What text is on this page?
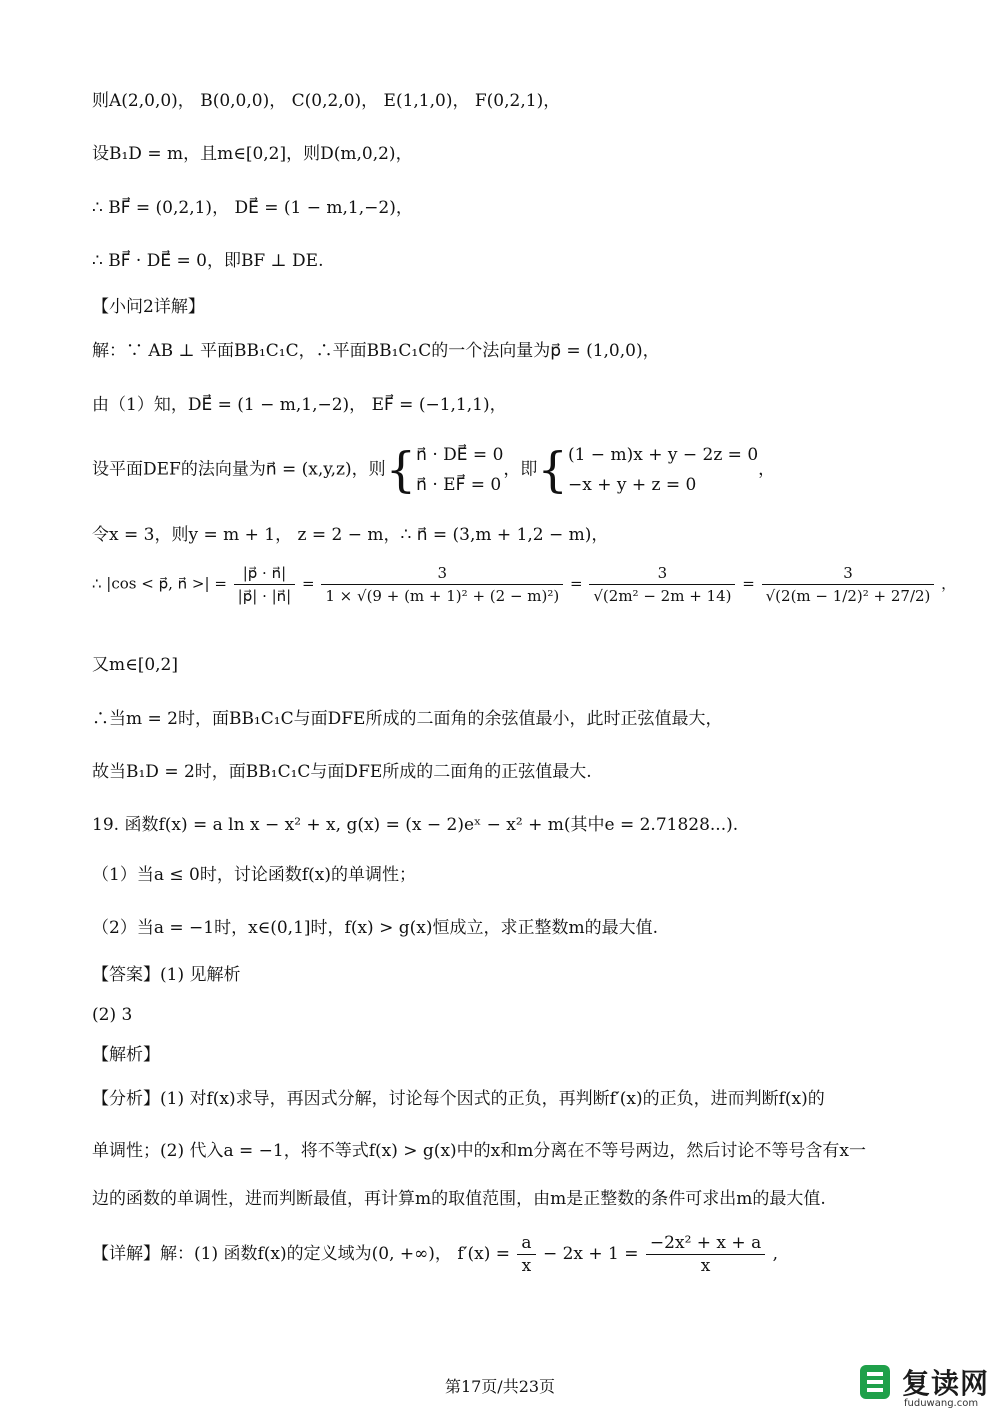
则A(2,0,0)， B(0,0,0)， C(0,2,0)， E(1,1,0)， F(0,2,1)，
设B₁D = m，且m∈[0,2]，则D(m,0,2)，
∴ BF⃗ = (0,2,1)， DE⃗ = (1 − m,1,−2)，
∴ BF⃗ · DE⃗ = 0，即BF ⊥ DE.
【小问2详解】
解：∵ AB ⊥ 平面BB₁C₁C，∴平面BB₁C₁C的一个法向量为p⃗ = (1,0,0)，
由（1）知，DE⃗ = (1 − m,1,−2)， EF⃗ = (−1,1,1)，
设平面DEF的法向量为n⃗ = (x,y,z)，则{ n⃗ · DE⃗ = 0
n⃗ · EF⃗ = 0
，即{ (1 − m)x + y − 2z = 0
−x + y + z = 0
，
令x = 3，则y = m + 1， z = 2 − m，∴ n⃗ = (3,m + 1,2 − m)，
∴ |cos < p⃗, n⃗ >| = $\frac{|p⃗ \cdot n⃗|}{|p⃗| \cdot |n⃗|} = \frac{3}{\text{1 × √(9 + (m + 1)² + (2 − m)²)}} = \frac{3}{\text{√(2m² − 2m + 14)}} = \frac{3}{\text{√(2(m − 1/2)² + 27/2)}}$ ，
又m∈[0,2]
∴当m = 2时，面BB₁C₁C与面DFE所成的二面角的余弦值最小，此时正弦值最大，
故当B₁D = 2时，面BB₁C₁C与面DFE所成的二面角的正弦值最大.
19. 函数f(x) = a ln x − x² + x, g(x) = (x − 2)eˣ − x² + m(其中e = 2.71828...).
（1）当a ≤ 0时，讨论函数f(x)的单调性；
（2）当a = −1时，x∈(0,1]时，f(x) > g(x)恒成立，求正整数m的最大值.
【答案】(1) 见解析
(2) 3
【解析】
【分析】(1) 对f(x)求导，再因式分解，讨论每个因式的正负，再判断f′(x)的正负，进而判断f(x)的
单调性；(2) 代入a = −1，将不等式f(x) > g(x)中的x和m分离在不等号两边，然后讨论不等号含有x一
边的函数的单调性，进而判断最值，再计算m的取值范围，由m是正整数的条件可求出m的最大值.
【详解】解：(1) 函数f(x)的定义域为(0, +∞)， $f'(x) = \frac{a}{x} - 2x + 1 = \frac{\text{−2x² + x + a}}{x}$ ,
第17页/共23页	复读网
fuduwang.com
